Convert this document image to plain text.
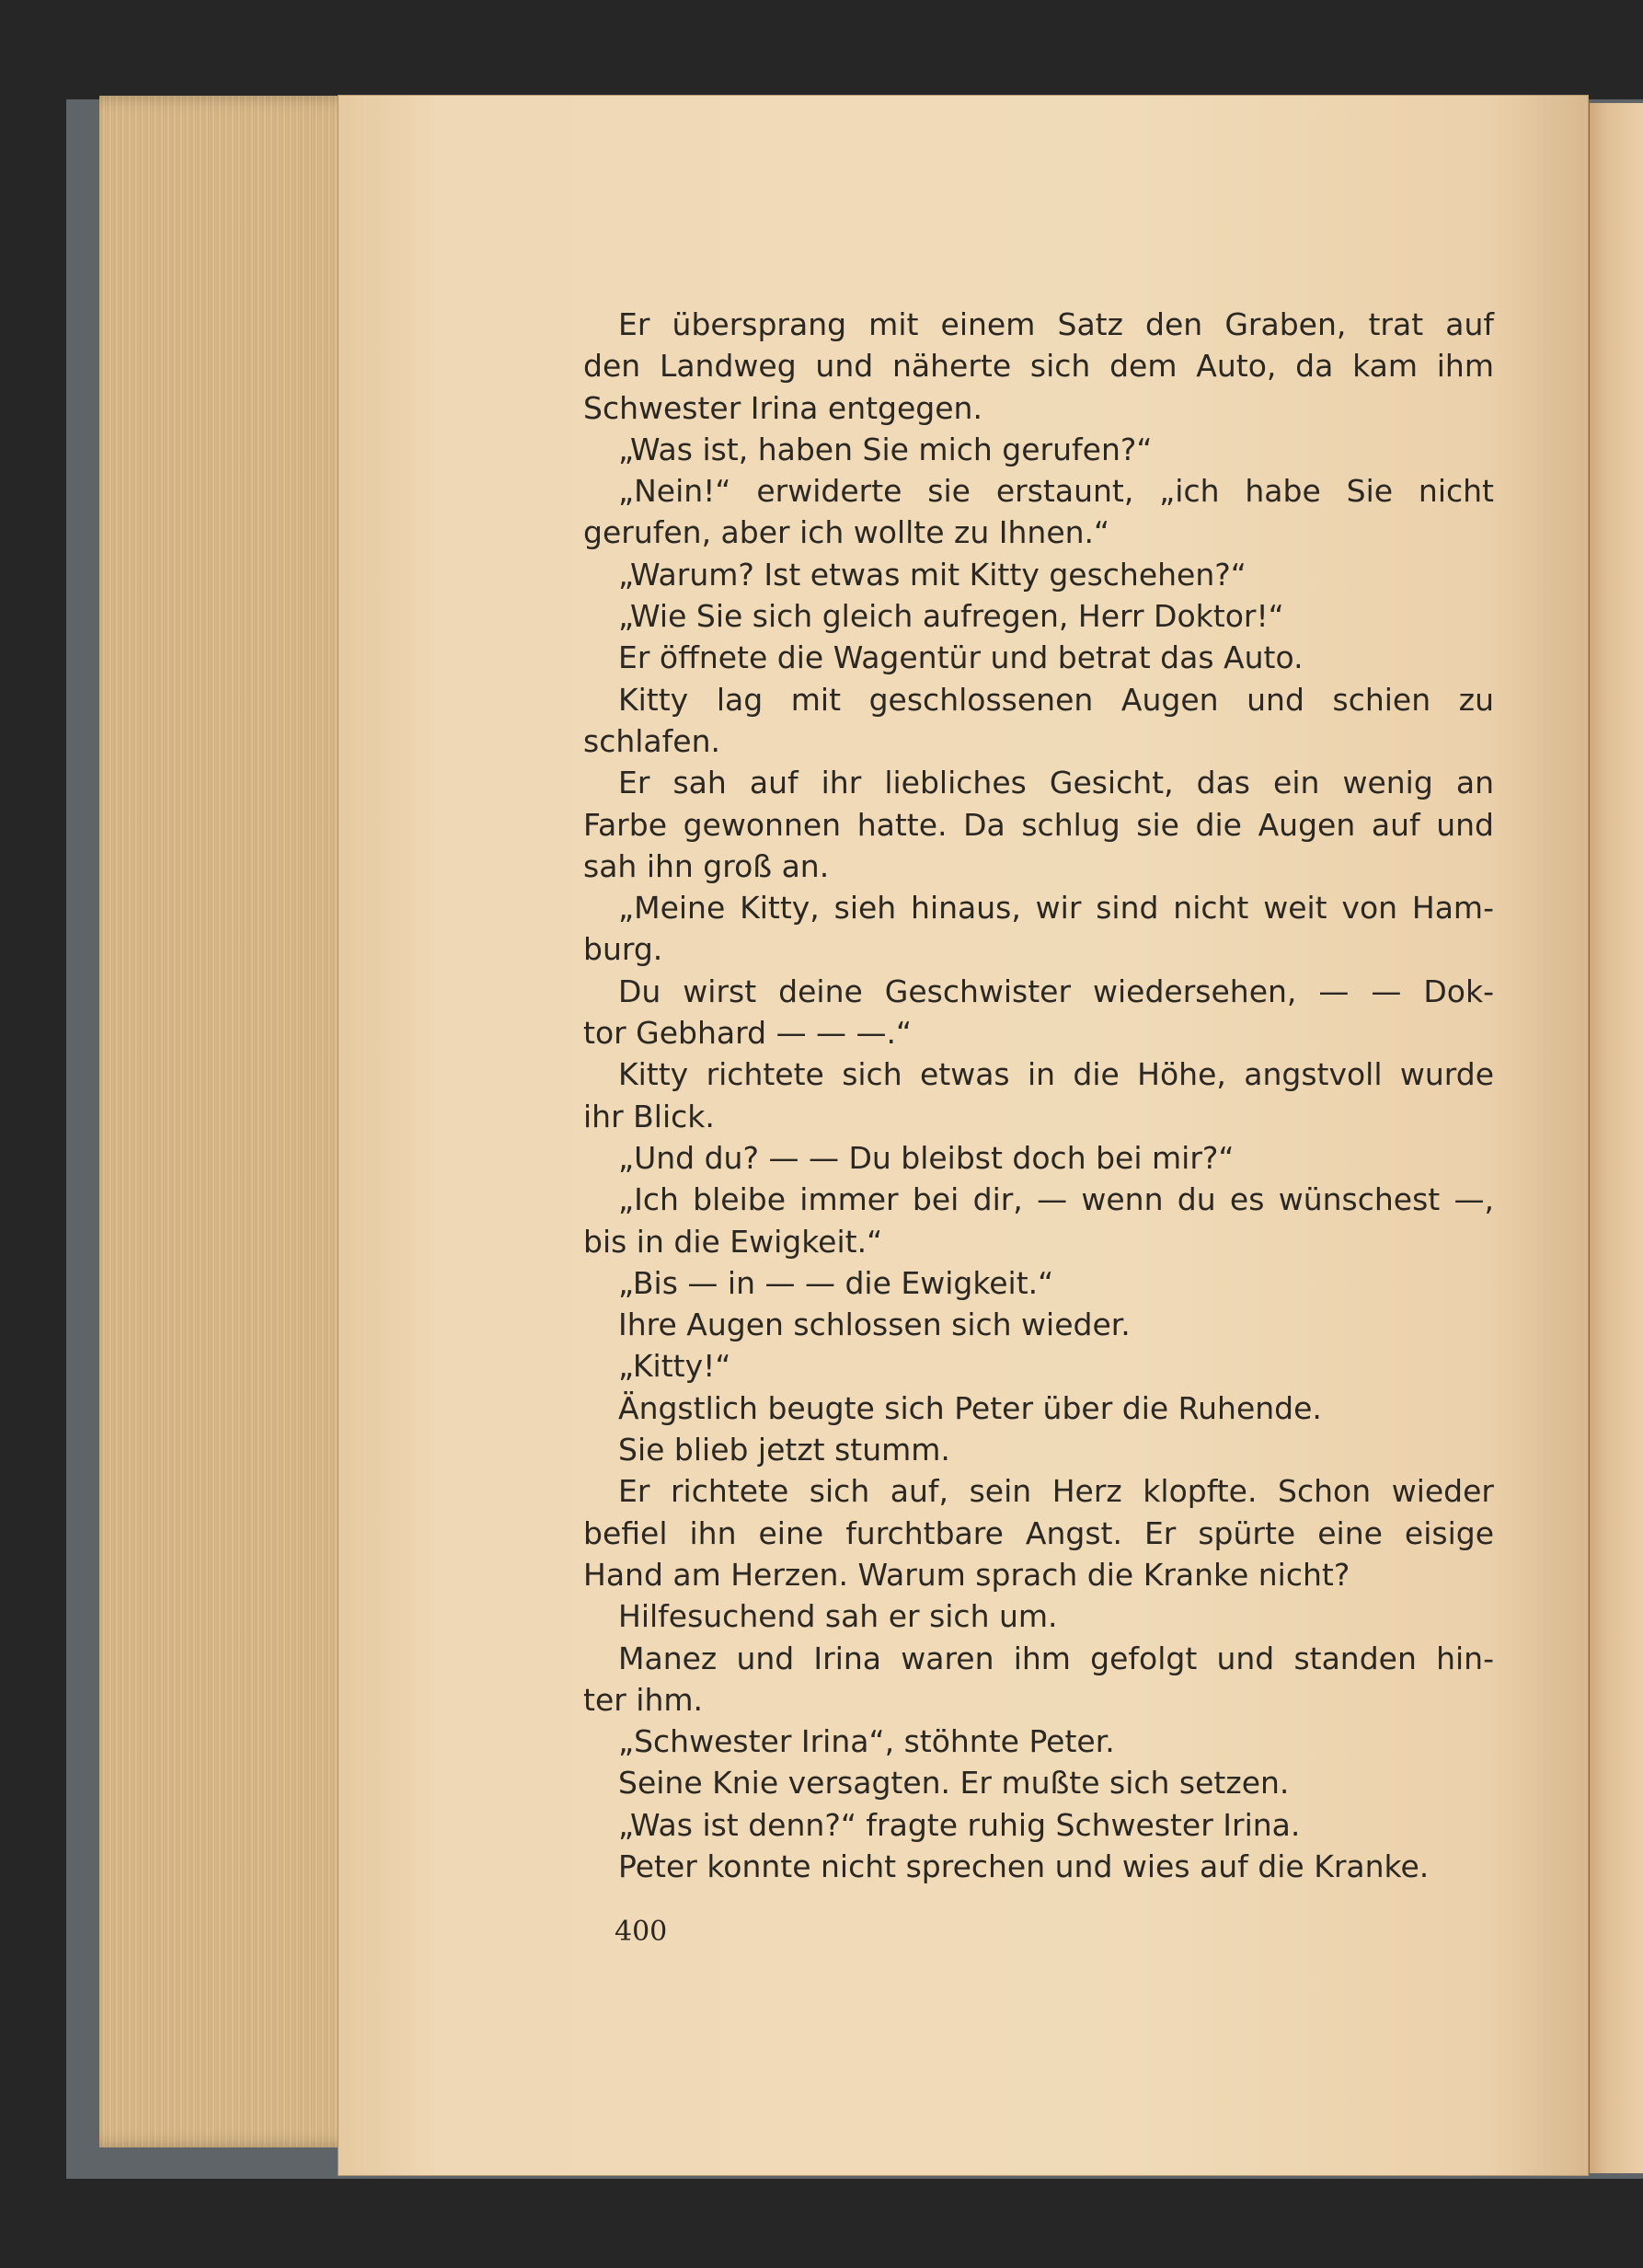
Er übersprang mit einem Satz den Graben, trat auf
den Landweg und näherte sich dem Auto, da kam ihm
Schwester Irina entgegen.
„Was ist, haben Sie mich gerufen?“
„Nein!“ erwiderte sie erstaunt, „ich habe Sie nicht
gerufen, aber ich wollte zu Ihnen.“
„Warum? Ist etwas mit Kitty geschehen?“
„Wie Sie sich gleich aufregen, Herr Doktor!“
Er öffnete die Wagentür und betrat das Auto.
Kitty lag mit geschlossenen Augen und schien zu
schlafen.
Er sah auf ihr liebliches Gesicht, das ein wenig an
Farbe gewonnen hatte. Da schlug sie die Augen auf und
sah ihn groß an.
„Meine Kitty, sieh hinaus, wir sind nicht weit von Ham-
burg.
Du wirst deine Geschwister wiedersehen, — — Dok-
tor Gebhard — — —.“
Kitty richtete sich etwas in die Höhe, angstvoll wurde
ihr Blick.
„Und du? — — Du bleibst doch bei mir?“
„Ich bleibe immer bei dir, — wenn du es wünschest —,
bis in die Ewigkeit.“
„Bis — in — — die Ewigkeit.“
Ihre Augen schlossen sich wieder.
„Kitty!“
Ängstlich beugte sich Peter über die Ruhende.
Sie blieb jetzt stumm.
Er richtete sich auf, sein Herz klopfte. Schon wieder
befiel ihn eine furchtbare Angst. Er spürte eine eisige
Hand am Herzen. Warum sprach die Kranke nicht?
Hilfesuchend sah er sich um.
Manez und Irina waren ihm gefolgt und standen hin-
ter ihm.
„Schwester Irina“, stöhnte Peter.
Seine Knie versagten. Er mußte sich setzen.
„Was ist denn?“ fragte ruhig Schwester Irina.
Peter konnte nicht sprechen und wies auf die Kranke.
400
